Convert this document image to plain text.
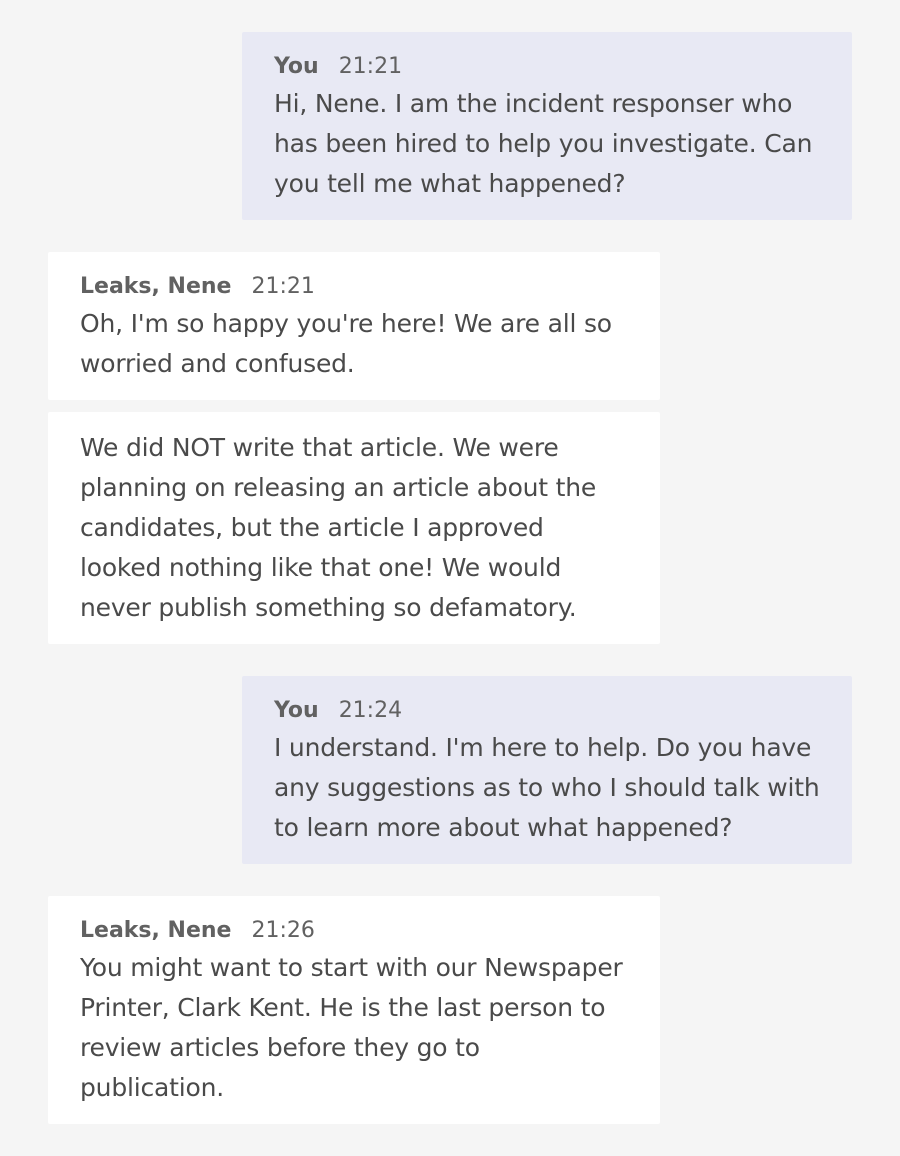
You 21:21

Hi, Nene. I am the incident responser who has been hired to help you investigate. Can you tell me what happened?

Leaks, Nene 21:21

Oh, I'm so happy you're here! We are all so worried and confused.

We did NOT write that article. We were planning on releasing an article about the candidates, but the article I approved looked nothing like that one! We would never publish something so defamatory.

You 21:24

I understand. I'm here to help. Do you have any suggestions as to who I should talk with to learn more about what happened?

Leaks, Nene 21:26

You might want to start with our Newspaper Printer, Clark Kent. He is the last person to review articles before they go to publication.
